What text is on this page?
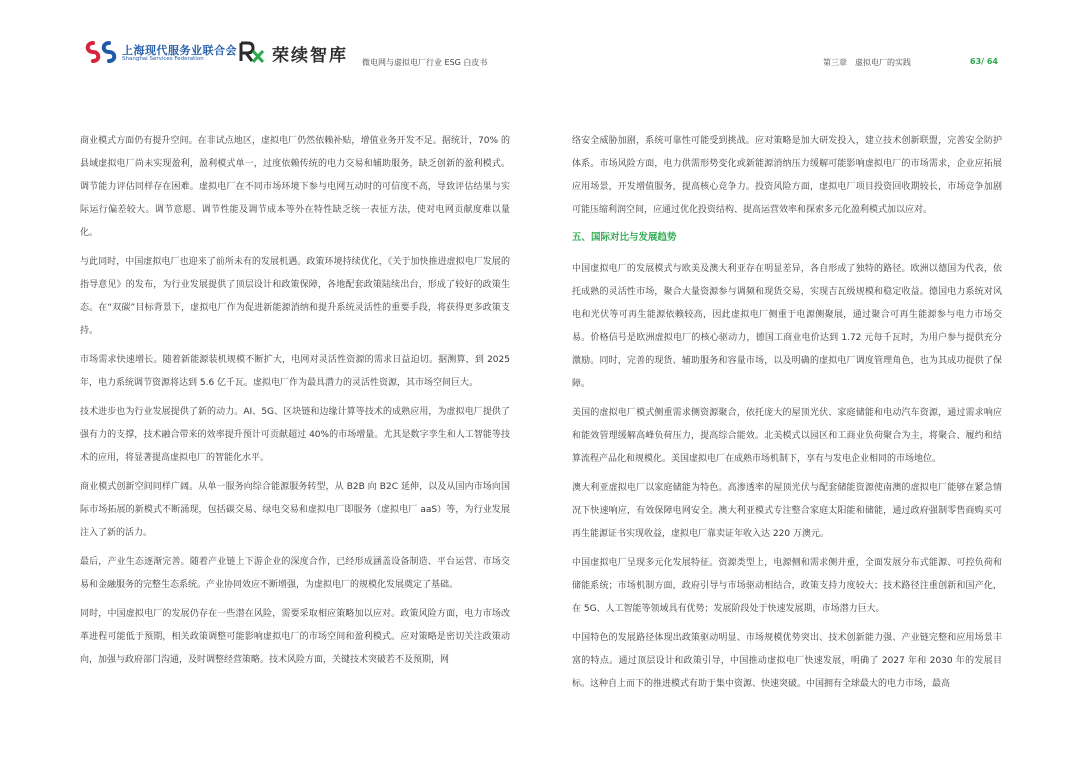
上海现代服务业联合会
Shanghai Services Federation	荣续智库 微电网与虚拟电厂行业 ESG 白皮书	第三章　虚拟电厂的实践	63/ 64

商业模式方面仍有提升空间。在非试点地区，虚拟电厂仍然依赖补贴，增值业务开发不足。据统计，70% 的县域虚拟电厂尚未实现盈利，盈利模式单一，过度依赖传统的电力交易和辅助服务，缺乏创新的盈利模式。调节能力评估同样存在困难。虚拟电厂在不同市场环境下参与电网互动时的可信度不高，导致评估结果与实际运行偏差较大。调节意愿、调节性能及调节成本等外在特性缺乏统一表征方法，使对电网贡献度难以量化。

与此同时，中国虚拟电厂也迎来了前所未有的发展机遇。政策环境持续优化，《关于加快推进虚拟电厂发展的指导意见》的发布，为行业发展提供了顶层设计和政策保障，各地配套政策陆续出台，形成了较好的政策生态。在“双碳”目标背景下，虚拟电厂作为促进新能源消纳和提升系统灵活性的重要手段，将获得更多政策支持。

市场需求快速增长。随着新能源装机规模不断扩大，电网对灵活性资源的需求日益迫切。据测算，到 2025 年，电力系统调节资源将达到 5.6 亿千瓦。虚拟电厂作为最具潜力的灵活性资源，其市场空间巨大。

技术进步也为行业发展提供了新的动力。AI、5G、区块链和边缘计算等技术的成熟应用，为虚拟电厂提供了强有力的支撑，技术融合带来的效率提升预计可贡献超过 40%的市场增量。尤其是数字孪生和人工智能等技术的应用，将显著提高虚拟电厂的智能化水平。

商业模式创新空间同样广阔。从单一服务向综合能源服务转型，从 B2B 向 B2C 延伸，以及从国内市场向国际市场拓展的新模式不断涌现，包括碳交易、绿电交易和虚拟电厂即服务（虚拟电厂 aaS）等，为行业发展注入了新的活力。

最后，产业生态逐渐完善。随着产业链上下游企业的深度合作，已经形成涵盖设备制造、平台运营、市场交易和金融服务的完整生态系统。产业协同效应不断增强，为虚拟电厂的规模化发展奠定了基础。

同时，中国虚拟电厂的发展仍存在一些潜在风险，需要采取相应策略加以应对。政策风险方面，电力市场改革进程可能低于预期，相关政策调整可能影响虚拟电厂的市场空间和盈利模式。应对策略是密切关注政策动向，加强与政府部门沟通，及时调整经营策略。技术风险方面，关键技术突破若不及预期，网

络安全威胁加剧，系统可靠性可能受到挑战。应对策略是加大研发投入，建立技术创新联盟，完善安全防护体系。市场风险方面，电力供需形势变化或新能源消纳压力缓解可能影响虚拟电厂的市场需求，企业应拓展应用场景，开发增值服务，提高核心竞争力。投资风险方面，虚拟电厂项目投资回收期较长，市场竞争加剧可能压缩利润空间，应通过优化投资结构、提高运营效率和探索多元化盈利模式加以应对。

五、国际对比与发展趋势

中国虚拟电厂的发展模式与欧美及澳大利亚存在明显差异，各自形成了独特的路径。欧洲以德国为代表，依托成熟的灵活性市场，聚合大量资源参与调频和现货交易，实现吉瓦级规模和稳定收益。德国电力系统对风电和光伏等可再生能源依赖较高，因此虚拟电厂侧重于电源侧聚展，通过聚合可再生能源参与电力市场交易。价格信号是欧洲虚拟电厂的核心驱动力，德国工商业电价达到 1.72 元每千瓦时，为用户参与提供充分激励。同时，完善的现货、辅助服务和容量市场，以及明确的虚拟电厂调度管理角色，也为其成功提供了保障。

美国的虚拟电厂模式侧重需求侧资源聚合，依托庞大的屋顶光伏、家庭储能和电动汽车资源，通过需求响应和能效管理缓解高峰负荷压力，提高综合能效。北美模式以园区和工商业负荷聚合为主，将聚合、履约和结算流程产品化和规模化。美国虚拟电厂在成熟市场机制下，享有与发电企业相同的市场地位。

澳大利亚虚拟电厂以家庭储能为特色。高渗透率的屋顶光伏与配套储能资源使南澳的虚拟电厂能够在紧急情况下快速响应，有效保障电网安全。澳大利亚模式专注整合家庭太阳能和储能，通过政府强制零售商购买可再生能源证书实现收益，虚拟电厂靠卖证年收入达 220 万澳元。

中国虚拟电厂呈现多元化发展特征。资源类型上，电源侧和需求侧并重，全面发展分布式能源、可控负荷和储能系统；市场机制方面，政府引导与市场驱动相结合，政策支持力度较大；技术路径注重创新和国产化，在 5G、人工智能等领域具有优势；发展阶段处于快速发展期，市场潜力巨大。

中国特色的发展路径体现出政策驱动明显、市场规模优势突出、技术创新能力强、产业链完整和应用场景丰富的特点。通过顶层设计和政策引导，中国推动虚拟电厂快速发展，明确了 2027 年和 2030 年的发展目标。这种自上而下的推进模式有助于集中资源、快速突破。中国拥有全球最大的电力市场，最高
